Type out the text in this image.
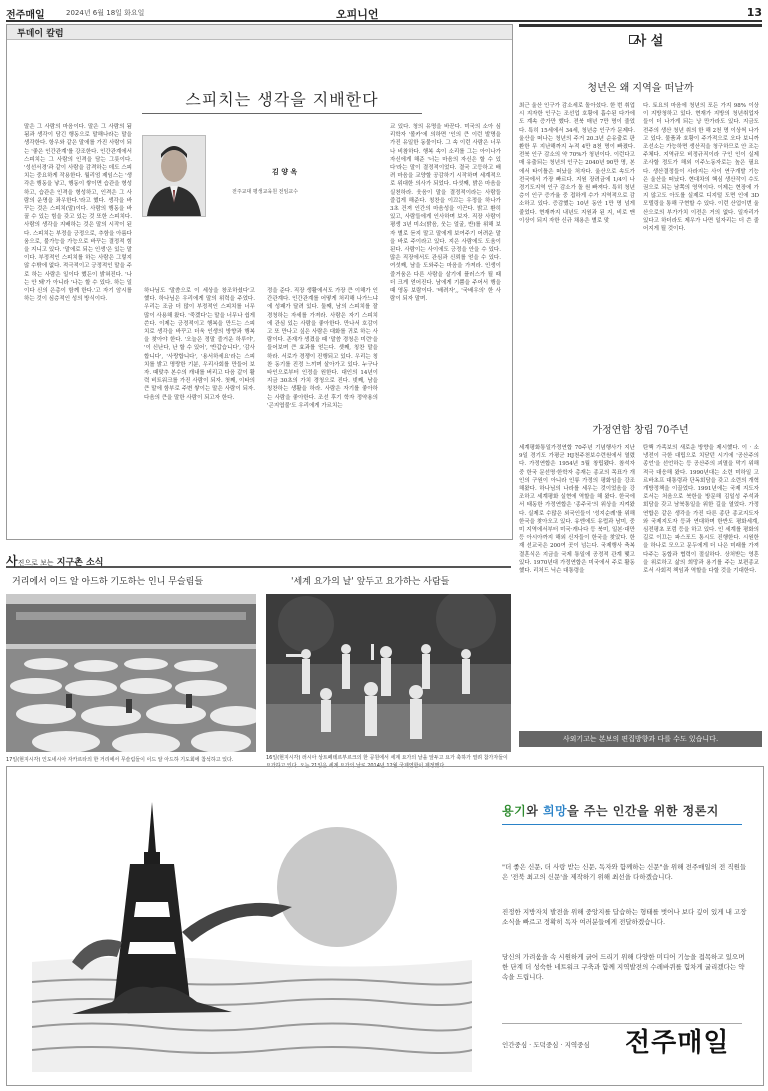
전주매일	2024년 6월 18일 화요일	오피니언	13
투데이 칼럼
스피치는 생각을 지배한다
김 양 옥
전주교대 평생교육원 전임교수
말은 그 사람의 마음이다. 말은 그 사람의 됨됨과 생각이 담긴 행동으로 말해나라는 말을 생각한다. 항우와 같은 말에를 가진 사람이 되는 '좋은 인간관계'를 강조한다. 인간관계에서 스피치는 그 사람의 인격을 담는 그릇이다. '성선서경'과 같이 사람을 감격하는 데도 스피치는 중요하게 작용한다. 월리엄 제임스는 '생각은 행동을 낳고, 행동이 쌓이면 습관을 형성하고, 습관은 인격을 형성하고, 인격은 그 사람의 운명을 좌우한다.'라고 했다. 생각을 바꾸는 것은 스피치(말)이다. 사람의 행동을 바꿀 수 있는 힘을 갖고 있는 것 또한 스피치다. 사람의 생각을 지배하는 것은 말의 시작이 된다. 스피치는 부정을 긍정으로, 추함을 아름다움으로, 불가능을 가능으로 바꾸는 결정적 힘을 지니고 있다. '말에로 되는 인생'은 있는 말이다. 부정적인 스피치를 하는 사람은 그렇지 않 수밖에 없다. 적극적이고 긍정적인 말을 주로 하는 사람은 일이다 했든이 밝혀진다. '나는 안 돼'가 아니라 '나는 할 수 있다. 하는 일이다 신의 은총이 함께 한다.'고 자기 암시를 하는 것이 심층적인 성의 방식이다.
하나님도 '말씀으로 이 세상을 창조하셨다'고 했다. 하나님은 우리에게 말의 위력을 주었다. 우리는 조금 더 많이 부정적인 스피치를 너무 많이 사용해 왔다. '죽겠다'는 말을 너무나 쉽게 쓴다. 이제는 긍정적이고 행복을 만드는 스피치로 생각을 바꾸고 더욱 인생의 방향과 행복을 찾아야 한다. '오늘은 정말 즐거운 하루야', '이 신난다, 난 할 수 있어', '반갑습니다', '감사합니다', '사랑합니다', '용서하세요'라는 스피치를 밝고 명랑한 기분, 우리사회를 만들어 보자. 때맞추 본수의 캐내를 버리고 다음 같이 활력 비트워크를 가진 사람이 되자. 첫째, 이타의 큰 말에 함부로 주변 쌓이는 말은 사람이 되자. 다음의 큰을 말한 사람이 되고자 한다.
정을 준다. 직장 생활에서도 가장 큰 이해가 인간관계다. 인간관계를 어떻게 처리해 나가느냐에 성패가 달려 있다. 둘째, 남의 스피치를 잘 경청하는 자세를 가져라. 사람은 자기 스피치에 관심 있는 사람을 좋아한다. 만나서 호감이고 또 만나고 싶은 사람은 대화를 귀로 하는 사람이다. 존재가 생겼을 때 '말씀 경청은 미련'을 들어보며 큰 효과를 얻는다. 셋째, 칭찬 말을 하라. 서로가 경쟁이 진행되고 있다. 우리는 칭찬 동기를 진정 느끼며 살아가고 있다. 누구나 타인으로부터 인정을 원한다. 대인의 14년이 지금 30초의 가치 경청으로 진다. 넷째, 남을 칭찬하는 생활을 하라. 사람은 자기를 좋아하는 사람을 좋아한다. 조선 후기 학자 정약용의 '곤지엽불'도 우리에게 가르치는
교 있다. 청의 유명을 바꾼다. 미국의 소아 심리학자 '볼카'에 의하면 '인의 큰 이런 발명을 가진 유일한 동물이다. 그 속 이런 사람은 너무나 비참하다. 행복 속이 소리를 그는 아이나가 자신에게 해준 '너는 마음의 자신은 할 수 있다'라는 말이 결정적이었다. 결국 고등하고 배려 마음을 교양할 공감하기 시작하며 세계적으로 위대한 의사가 되었다. 다섯째, 밝은 마음을 실천하라. 웃음이 말을 결정적이라는 사람들 즐겁게 해준다. 칭찬을 이끄는 우정을 하나가 3초 건져 인간의 마음성을 이끈다. 밝고 환히 있고, 사람들에게 인사하며 보자. 직장 사람이 평생 3년 미소(밝음, 웃는 얼굴, 반)를 위해 보자 별로 듣지 말고 말에게 보여주기 어려운 말을 바로 주이라고 있다. 지은 사람에도 도움이 된다. 사람이는 사이에도 긍정을 안을 수 있다. 많은 직장에서도 관심과 신뢰를 얻을 수 있다. 여섯째, 남을 도와주는 마음을 가져라. 인생이 즐거움은 다른 사람을 살기에 플러스가 될 때 더 크게 얻어진다. 남에게 기쁨을 주어서 행을 때 영동 보람이다. '배려자',, '국배우의' 한 사람이 되자 말며.
사진으로 보는 지구촌 소식
거리에서 이드 알 아드하 기도하는 인니 무슬림들	'세계 요가의 날' 앞두고 요가하는 사람들
17일(현지시각) 인도네시아 자카르타의 한 거리에서 무슬림들이 이드 알 아드하 기도회에 참석하고 있다.	16일(현지시각) 러시아 상트페테르부르크의 한 공원에서 세계 요가의 날을 앞두고 요가 축하가 열려 참가자들이 요가하고 있다. 오는 21일은 세계 요가의 날로 2014년 12월 국제연합이 제정했다.
사 설
청년은 왜 지역을 떠날까
최근 울산 인구가 감소세로 돌아섰다. 한 번 취업 시 지자한 인구는 조선업 호황에 흡수된 다가에도 계속 증가만 했다. 전북 매년 7만 명이 줄었다. 특히 15세에서 34세, 청년층 인구가 문제다. 울산을 떠나는 청년의 주거 20.3년 순유출로 판환한 무 지난해까지 누적 4만 8천 명이 빠졌다. 전북 인구 감소의 약 70%가 청년이다. 이런다고 매 유출되는 청년의 인구는 2040년 90만 명, 본에서 타이틀은 떠났을 처자다. 울산으로 속도가 전국에서 가장 빠르다. 지원 장려금에 1/4이 나 경기도지역 인구 감소가 돌 원 빠져다. 특히 청년층이 인구 증가율 중 접하게 수가 지역적으로 감소하고 있다. 증감했는 10년 동안 1만 명 넘게 줄었다. 현재까지 내년도 지원과 된 지, 비로 맨 이상이 되지 자한 신규 채용은 별로 맞
다. 토요의 마음에 청년의 포든 가지 98% 이상이 지방청하고 있다. 현재가 지방의 청년취업자들이 더 나가게 되는 낭 만가라도 있다. 지금도 전주의 생산 청년 취의 한 해 2천 명 이상씩 나가고 있다. 물품과 호황이 주가적으로 오다 보니까 조선소는 가능하면 생산직을 청구하므로 안 조는 주체다. 지역규모 비정규직이라 구인 인이 실제 조사할 정도가 해외 이주노동자로는 높은 필요다. 생산결정들이 사라지는 사이 연구개발 기능은 울산을 떠났다. 현대차의 핵심 생산작이 수도권으로 되는 남쪽의 영역이다. 이제는 현장에 가지 않고도 아도를 실제로 디지털 도면 인에 3D 모델링을 통해 구현할 수 있다. 이런 산업이번 울산으로의 부가가치 이전은 거의 없다. 일자리가 있다고 하더라도 제우가 나면 일자리는 더 쓴 줄어지게 될 것이다.
가정연합 창립 70주년
세계평화통일가정연합 70주년 기념행사가 지난 9일 경기도 가평군 HJ천주천보수련원에서 열렸다. 가정연합은 1954년 5월 창립됐다. 참석자 중 한국 문선명·한학자 총재는 종교의 목표가 개인의 구원이 아니라 인류 가정의 평화임을 강조해왔다. 하나님의 나라를 세우는 것이었음을 강조하고 세계평화 실현에 역할을 해 왔다. 한국에서 태동한 가정연합은 '종주국'의 위상을 지켜왔다. 실제로 수많은 외국인들이 '성지순례'를 위해 한국을 찾아오고 있다. 유엔에도 유럽과 남미, 중미 지역에서부터 미국·캐나다 등 북미, 일본·대만 등 아시아까지 해외 신자들이 한국을 찾았다. 한재 선교국은 200여 곳이 넘는다. 국제행사 축복결혼식은 지금을 국제 통일에 공정적 관계 맺고 있다. 1970년대 가정연합은 미국에서 주로 활동했다. 리처드 닉슨 대통령을
탄핵 가족보의 새로운 방향을 제시했다. 이 · 소 냉전이 극한 대립으로 치닫던 시기에 '공산주의 종언'을 선언하는 등 공산주의 괴멸을 막기 위해 적극 대응해 왔다. 1990년대는 소련 미하일 고르바초프 대통령과 단독회담을 갖고 소련의 개혁개방정책을 이끌었다. 1991년에는 국제 지도자로서는 처음으로 북한을 방문해 김일성 주석과 회담을 갖고 남북통일을 위한 길을 열었다. 가정연합은 같은 생각을 가진 다른 종단 종교지도자와 국제지도자 등과 연대하며 한반도 평화세계, 심전평초 포럼 등을 하고 있다. 인 세계를 평화의 길로 이끄는 파스포드 통시도 진행한다. 시원한을 하나로 모으고 문두에게 더 나은 미래를 가져다주는 동합과 협력이 절실하다. 상처받는 영혼을 위로하고 삶의 희망과 용기를 주는 보편종교로서 사회적 책임과 역할을 다할 것을 기대한다.
사외기고는 본보의 편집방향과 다를 수도 있습니다.
용기와 희망을 주는 인간을 위한 정론지
"더 좋은 신문, 더 사랑 받는 신문, 독자와 함께하는 신문"을 위해 전주매일의 전 직원들은 '전북 최고의 신문'을 제작하기 위해 최선을 다하겠습니다.
진정한 지방자치 발전을 위해 중앙지를 답습하는 형태를 벗어나 보다 깊이 있게 내 고장 소식을 빠르고 정확히 독자 여러분들에게 전달하겠습니다.
당신의 가려움을 속 시원하게 긁어 드리기 위해 다양한 미디어 기능을 접목하고 있으며 한 단계 더 성숙한 네트워크 구축과 함께 지역발전의 수레바퀴를 힘차게 굴리겠다는 약속을 드립니다.
인간중심 · 도덕중심 · 지역중심 전주매일
